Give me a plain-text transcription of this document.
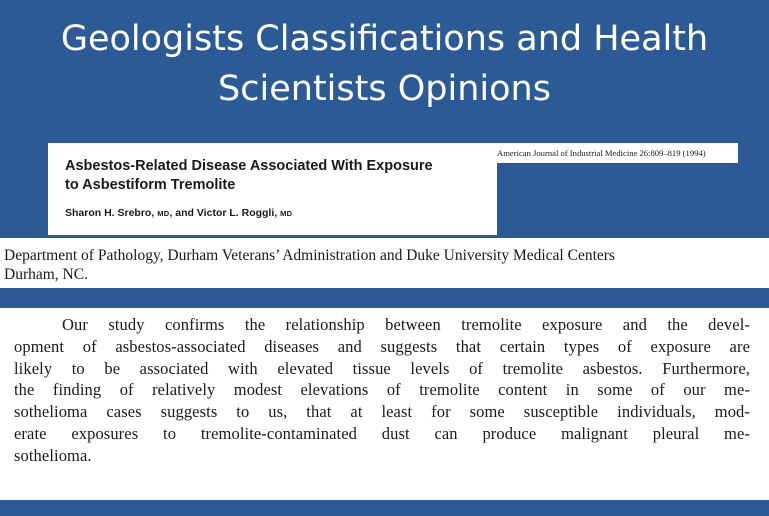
Geologists Classifications and Health
Scientists Opinions
Asbestos-Related Disease Associated With Exposure
to Asbestiform Tremolite
Sharon H. Srebro, MD, and Victor L. Roggli, MD
American Journal of Industrial Medicine 26:809–819 (1994)
Department of Pathology, Durham Veterans’ Administration and Duke University Medical Centers
Durham, NC.

Our study confirms the relationship between tremolite exposure and the devel-
opment of asbestos-associated diseases and suggests that certain types of exposure are
likely to be associated with elevated tissue levels of tremolite asbestos. Furthermore,
the finding of relatively modest elevations of tremolite content in some of our me-
sothelioma cases suggests to us, that at least for some susceptible individuals, mod-
erate exposures to tremolite-contaminated dust can produce malignant pleural me-
sothelioma.
